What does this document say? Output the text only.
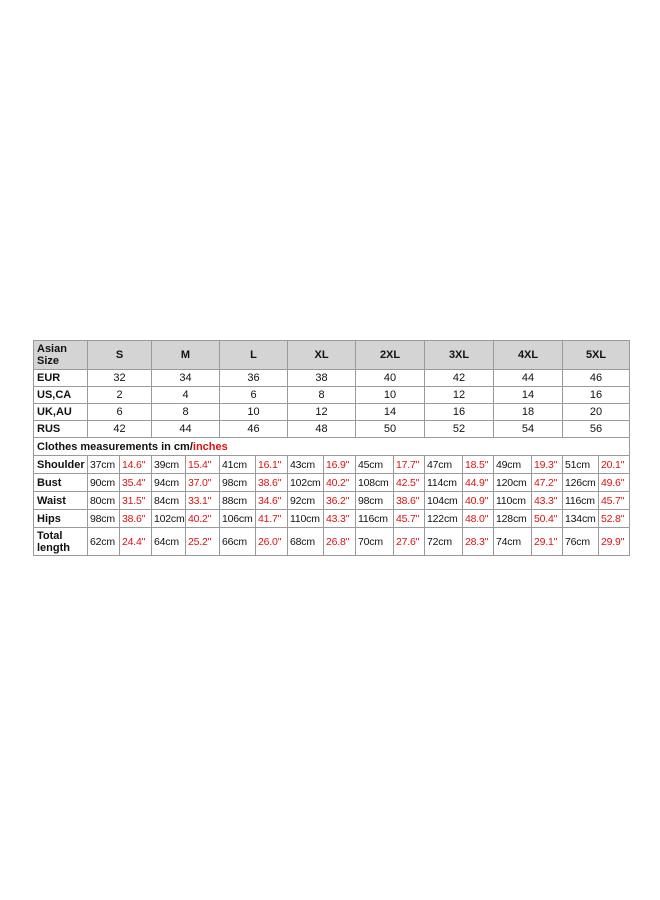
Asian Size	S		M		L		XL		2XL		3XL		4XL		5XL	
EUR	32		34		36		38		40		42		44		46	
US,CA	2		4		6		8		10		12		14		16	
UK,AU	6		8		10		12		14		16		18		20	
RUS	42		44		46		48		50		52		54		56	
Clothes measurements in cm/inches																
Shoulder	37cm	14.6''	39cm	15.4''	41cm	16.1''	43cm	16.9''	45cm	17.7''	47cm	18.5''	49cm	19.3''	51cm	20.1''
Bust	90cm	35.4''	94cm	37.0''	98cm	38.6''	102cm	40.2''	108cm	42.5''	114cm	44.9''	120cm	47.2''	126cm	49.6''
Waist	80cm	31.5''	84cm	33.1''	88cm	34.6''	92cm	36.2''	98cm	38.6''	104cm	40.9''	110cm	43.3''	116cm	45.7''
Hips	98cm	38.6''	102cm	40.2''	106cm	41.7''	110cm	43.3''	116cm	45.7''	122cm	48.0''	128cm	50.4''	134cm	52.8''
Total length	62cm	24.4''	64cm	25.2''	66cm	26.0''	68cm	26.8''	70cm	27.6''	72cm	28.3''	74cm	29.1''	76cm	29.9''
